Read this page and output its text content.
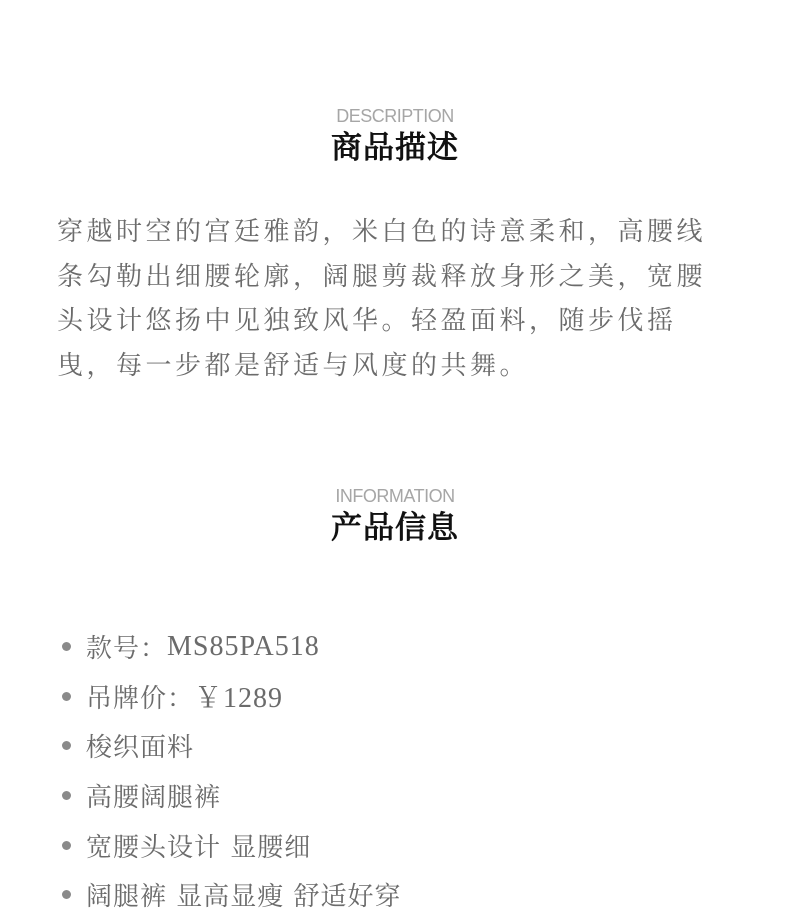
DESCRIPTION
商品描述

穿越时空的宫廷雅韵，米白色的诗意柔和，高腰线
条勾勒出细腰轮廓，阔腿剪裁释放身形之美，宽腰
头设计悠扬中见独致风华。轻盈面料，随步伐摇
曳，每一步都是舒适与风度的共舞。

INFORMATION
产品信息
款号： MS85PA518
吊牌价： ￥1289
梭织面料
高腰阔腿裤
宽腰头设计 显腰细
阔腿裤 显高显瘦 舒适好穿
